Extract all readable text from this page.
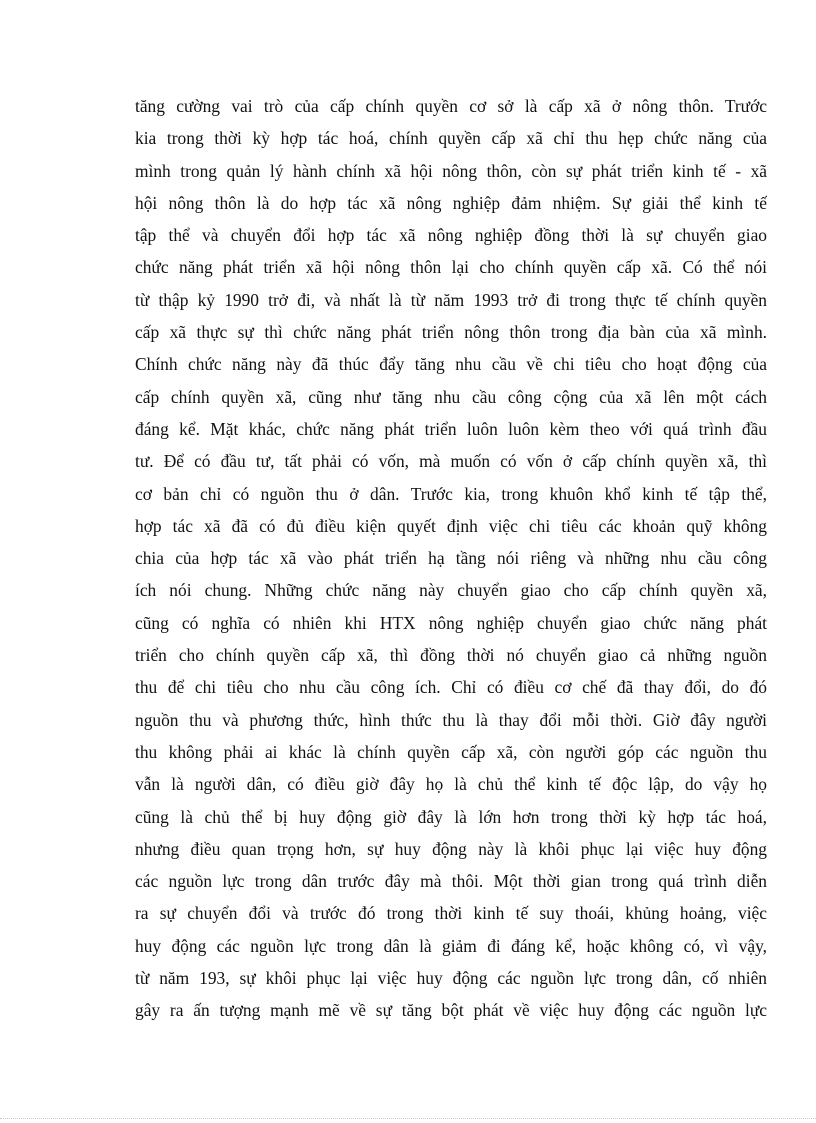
tăng cường vai trò của cấp chính quyền cơ sở là cấp xã ở nông thôn. Trước
kia trong thời kỳ hợp tác hoá, chính quyền cấp xã chỉ thu hẹp chức năng của
mình trong quản lý hành chính xã hội nông thôn, còn sự phát triển kinh tế - xã
hội nông thôn là do hợp tác xã nông nghiệp đảm nhiệm. Sự giải thể kinh tế
tập thể và chuyển đổi hợp tác xã nông nghiệp đồng thời là sự chuyển giao
chức năng phát triển xã hội nông thôn lại cho chính quyền cấp xã. Có thể nói
từ thập kỷ 1990 trở đi, và nhất là từ năm 1993 trở đi trong thực tế chính quyền
cấp xã thực sự thì chức năng phát triển nông thôn trong địa bàn của xã mình.
Chính chức năng này đã thúc đẩy tăng nhu cầu về chi tiêu cho hoạt động của
cấp chính quyền xã, cũng như tăng nhu cầu công cộng của xã lên một cách
đáng kể. Mặt khác, chức năng phát triển luôn luôn kèm theo với quá trình đầu
tư. Để có đầu tư, tất phải có vốn, mà muốn có vốn ở cấp chính quyền xã, thì
cơ bản chỉ có nguồn thu ở dân. Trước kia, trong khuôn khổ kinh tế tập thể,
hợp tác xã đã có đủ điều kiện quyết định việc chi tiêu các khoản quỹ không
chia của hợp tác xã vào phát triển hạ tầng nói riêng và những nhu cầu công
ích nói chung. Những chức năng này chuyển giao cho cấp chính quyền xã,
cũng có nghĩa có nhiên khi HTX nông nghiệp chuyển giao chức năng phát
triển cho chính quyền cấp xã, thì đồng thời nó chuyển giao cả những nguồn
thu để chi tiêu cho nhu cầu công ích. Chỉ có điều cơ chế đã thay đổi, do đó
nguồn thu và phương thức, hình thức thu là thay đổi mỗi thời. Giờ đây người
thu không phải ai khác là chính quyền cấp xã, còn người góp các nguồn thu
vẫn là người dân, có điều giờ đây họ là chủ thể kinh tế độc lập, do vậy họ
cũng là chủ thể bị huy động giờ đây là lớn hơn trong thời kỳ hợp tác hoá,
nhưng điều quan trọng hơn, sự huy động này là khôi phục lại việc huy động
các nguồn lực trong dân trước đây mà thôi. Một thời gian trong quá trình diễn
ra sự chuyển đổi và trước đó trong thời kinh tế suy thoái, khủng hoảng, việc
huy động các nguồn lực trong dân là giảm đi đáng kể, hoặc không có, vì vậy,
từ năm 193, sự khôi phục lại việc huy động các nguồn lực trong dân, cố nhiên
gây ra ấn tượng mạnh mẽ về sự tăng bột phát về việc huy động các nguồn lực
